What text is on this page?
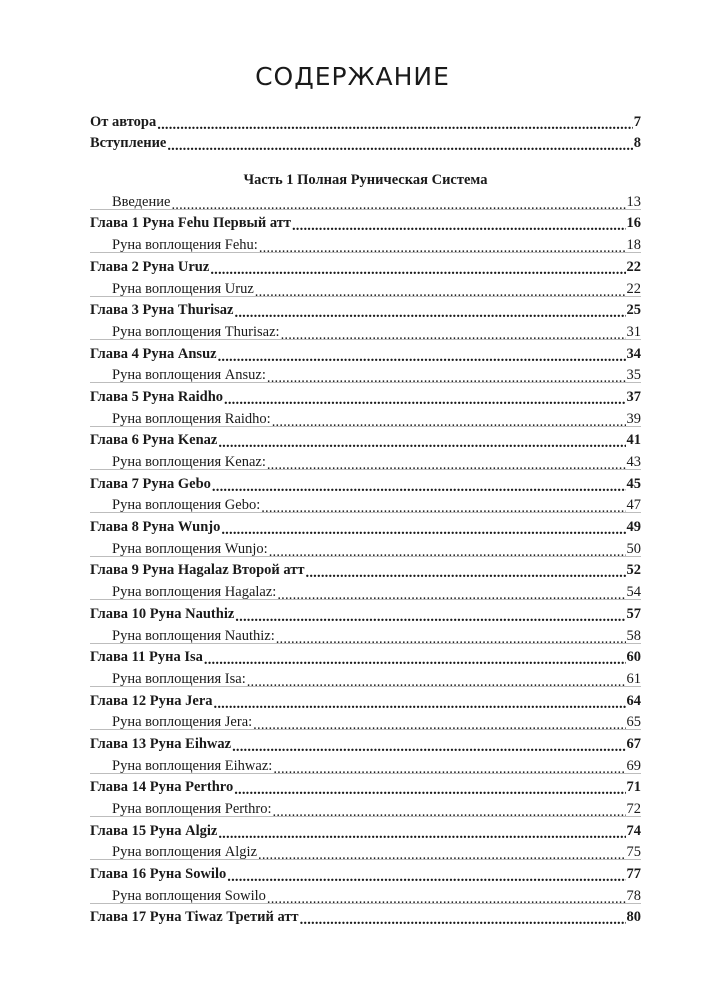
СОДЕРЖАНИЕ
От автора .....	7
Вступление .....	8
Часть 1 Полная Руническая Система
Введение .....	13
Глава 1 Руна Fehu Первый атт .....	16
Руна воплощения Fehu: .....	18
Глава 2 Руна Uruz .....	22
Руна воплощения Uruz .....	22
Глава 3 Руна Thurisaz .....	25
Руна воплощения Thurisaz: .....	31
Глава 4 Руна Ansuz .....	34
Руна воплощения Ansuz: .....	35
Глава 5 Руна Raidho .....	37
Руна воплощения Raidho: .....	39
Глава 6 Руна Kenaz .....	41
Руна воплощения Kenaz: .....	43
Глава 7 Руна Gebo .....	45
Руна воплощения Gebo: .....	47
Глава 8 Руна Wunjo .....	49
Руна воплощения Wunjo: .....	50
Глава 9 Руна Hagalaz Второй атт .....	52
Руна воплощения Hagalaz: .....	54
Глава 10 Руна Nauthiz .....	57
Руна воплощения Nauthiz: .....	58
Глава 11 Руна Isa .....	60
Руна воплощения Isa: .....	61
Глава 12 Руна Jera .....	64
Руна воплощения Jera: .....	65
Глава 13 Руна Eihwaz .....	67
Руна воплощения Eihwaz: .....	69
Глава 14 Руна Perthro .....	71
Руна воплощения Perthro: .....	72
Глава 15 Руна Algiz .....	74
Руна воплощения Algiz .....	75
Глава 16 Руна Sowilo .....	77
Руна воплощения Sowilo .....	78
Глава 17 Руна Tiwaz Третий атт .....	80
